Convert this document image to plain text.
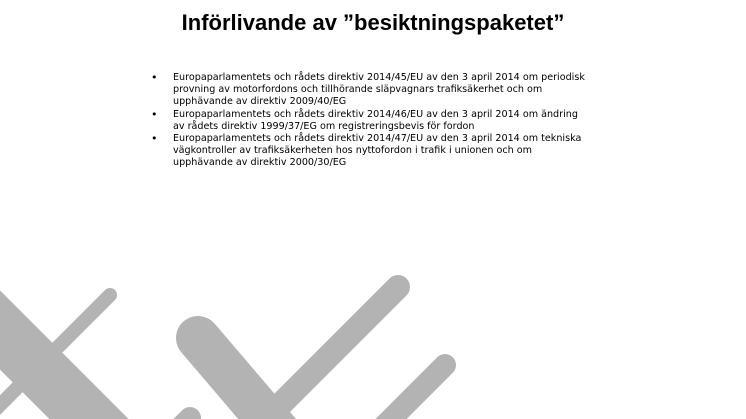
Införlivande av ”besiktningspaketet”
• Europaparlamentets och rådets direktiv 2014/45/EU av den 3 april 2014 om periodisk provning av motorfordons och tillhörande släpvagnars trafiksäkerhet och om upphävande av direktiv 2009/40/EG
• Europaparlamentets och rådets direktiv 2014/46/EU av den 3 april 2014 om ändring av rådets direktiv 1999/37/EG om registreringsbevis för fordon
• Europaparlamentets och rådets direktiv 2014/47/EU av den 3 april 2014 om tekniska vägkontroller av trafiksäkerheten hos nyttofordon i trafik i unionen och om upphävande av direktiv 2000/30/EG
